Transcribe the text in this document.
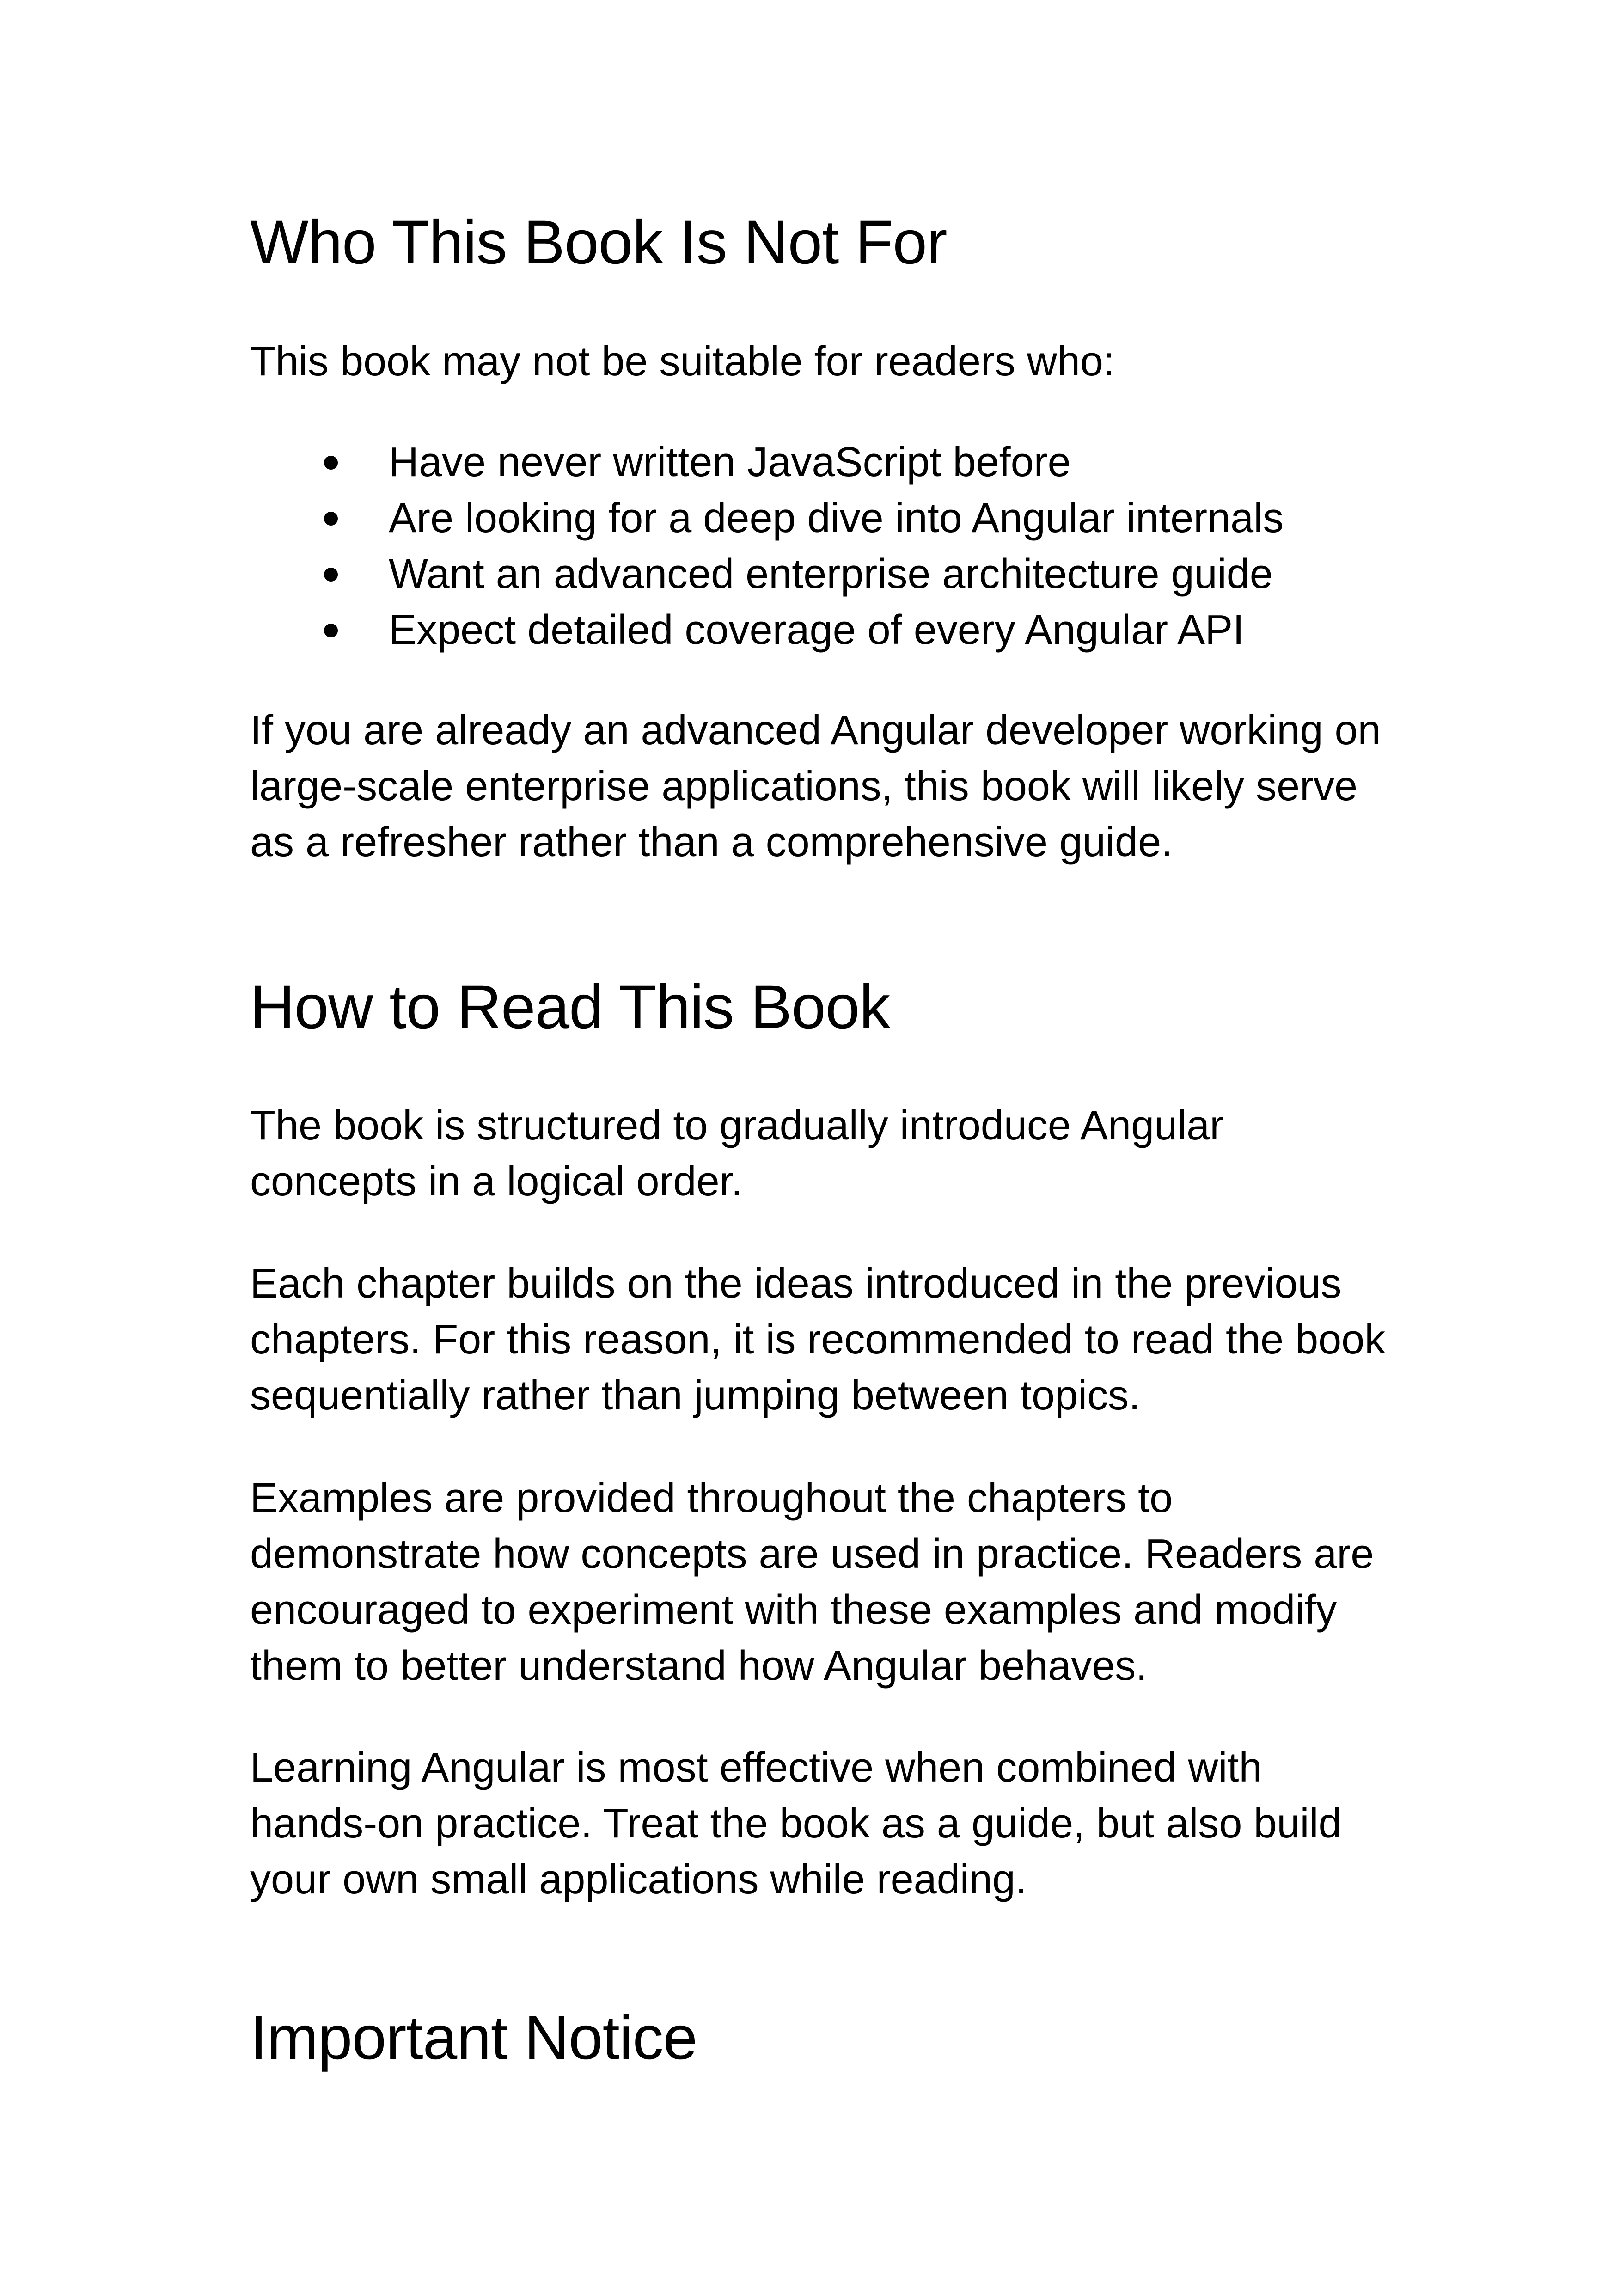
Who This Book Is Not For

This book may not be suitable for readers who:

Have never written JavaScript before
Are looking for a deep dive into Angular internals
Want an advanced enterprise architecture guide
Expect detailed coverage of every Angular API

If you are already an advanced Angular developer working on
large-scale enterprise applications, this book will likely serve
as a refresher rather than a comprehensive guide.

How to Read This Book

The book is structured to gradually introduce Angular
concepts in a logical order.

Each chapter builds on the ideas introduced in the previous
chapters. For this reason, it is recommended to read the book
sequentially rather than jumping between topics.

Examples are provided throughout the chapters to
demonstrate how concepts are used in practice. Readers are
encouraged to experiment with these examples and modify
them to better understand how Angular behaves.

Learning Angular is most effective when combined with
hands-on practice. Treat the book as a guide, but also build
your own small applications while reading.

Important Notice
